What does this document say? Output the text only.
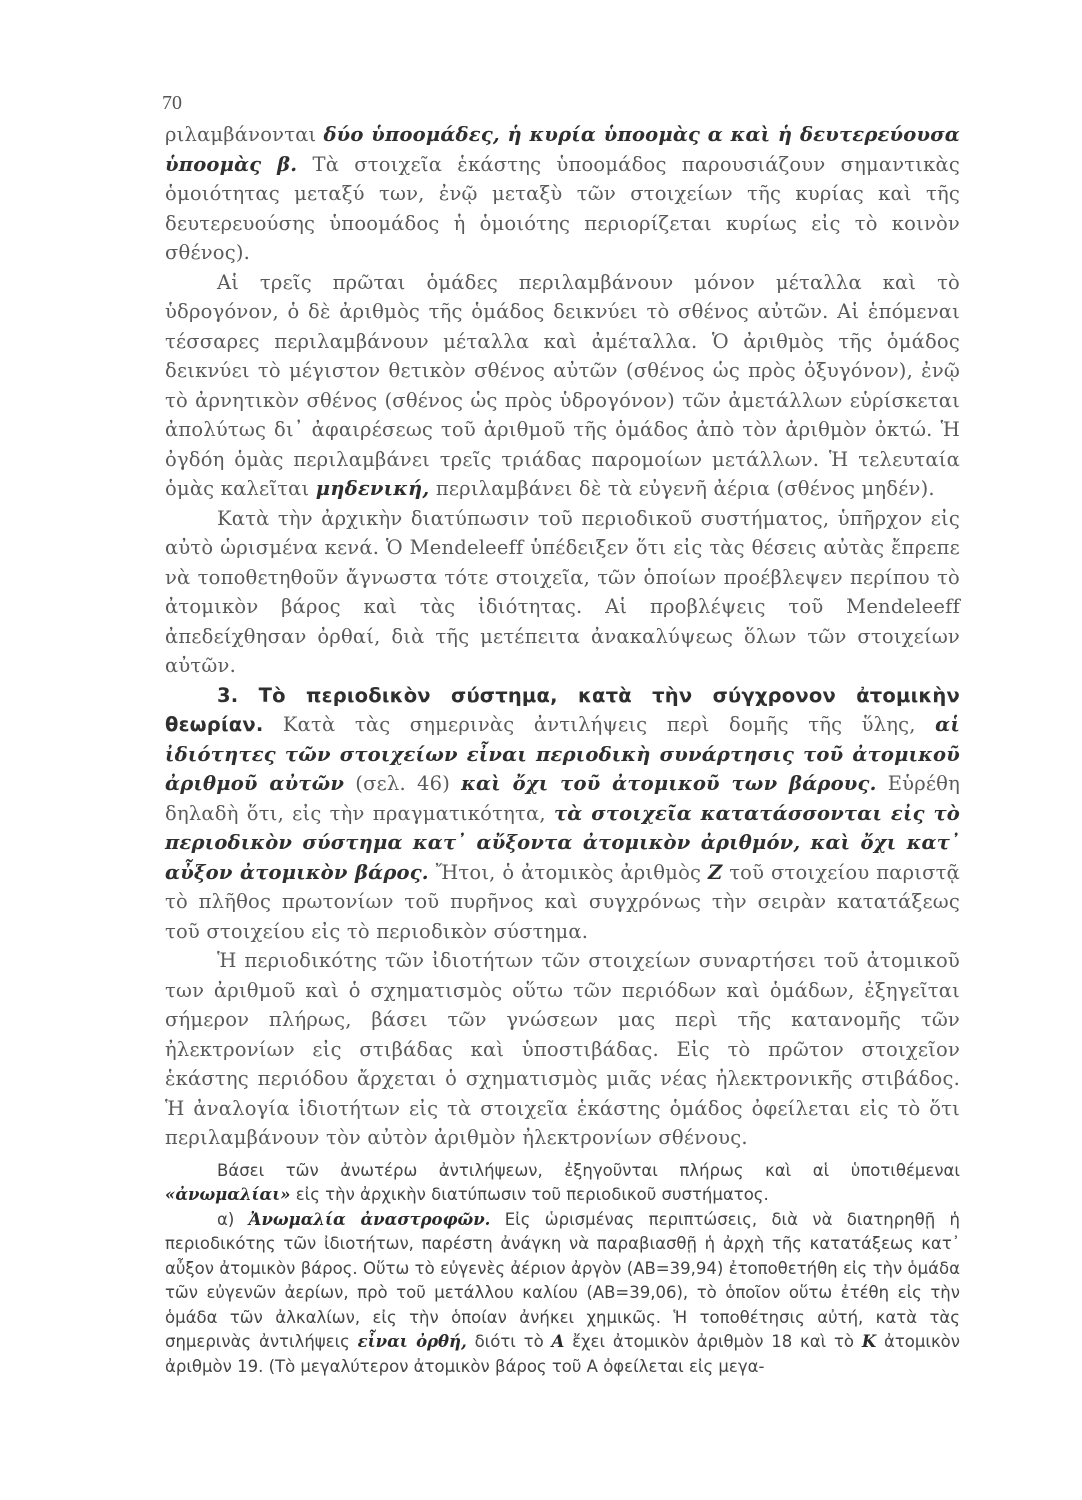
70

ριλαμβάνονται δύο ὑποομάδες, ἡ κυρία ὑποομὰς α καὶ ἡ δευτερεύουσα ὑποομὰς β. Τὰ στοιχεῖα ἑκάστης ὑποομάδος παρουσιάζουν σημαντικὰς ὁμοιότητας μεταξύ των, ἐνῷ μεταξὺ τῶν στοιχείων τῆς κυρίας καὶ τῆς δευτερευούσης ὑποομάδος ἡ ὁμοιότης περιορίζεται κυρίως εἰς τὸ κοινὸν σθένος).

Αἱ τρεῖς πρῶται ὁμάδες περιλαμβάνουν μόνον μέταλλα καὶ τὸ ὑδρογόνον, ὁ δὲ ἀριθμὸς τῆς ὁμάδος δεικνύει τὸ σθένος αὐτῶν. Αἱ ἑπόμεναι τέσσαρες περιλαμβάνουν μέταλλα καὶ ἀμέταλλα. Ὁ ἀριθμὸς τῆς ὁμάδος δεικνύει τὸ μέγιστον θετικὸν σθένος αὐτῶν (σθένος ὡς πρὸς ὀξυγόνον), ἐνῷ τὸ ἀρνητικὸν σθένος (σθένος ὡς πρὸς ὑδρογόνον) τῶν ἀμετάλλων εὑρίσκεται ἀπολύτως δι᾽ ἀφαιρέσεως τοῦ ἀριθμοῦ τῆς ὁμάδος ἀπὸ τὸν ἀριθμὸν ὀκτώ. Ἡ ὀγδόη ὁμὰς περιλαμβάνει τρεῖς τριάδας παρομοίων μετάλλων. Ἡ τελευταία ὁμὰς καλεῖται μηδενική, περιλαμβάνει δὲ τὰ εὐγενῆ ἀέρια (σθένος μηδέν).

Κατὰ τὴν ἀρχικὴν διατύπωσιν τοῦ περιοδικοῦ συστήματος, ὑπῆρχον εἰς αὐτὸ ὡρισμένα κενά. Ὁ Mendeleeff ὑπέδειξεν ὅτι εἰς τὰς θέσεις αὐτὰς ἔπρεπε νὰ τοποθετηθοῦν ἄγνωστα τότε στοιχεῖα, τῶν ὁποίων προέβλεψεν περίπου τὸ ἀτομικὸν βάρος καὶ τὰς ἰδιότητας. Αἱ προβλέψεις τοῦ Mendeleeff ἀπεδείχθησαν ὀρθαί, διὰ τῆς μετέπειτα ἀνακαλύψεως ὅλων τῶν στοιχείων αὐτῶν.

3. Τὸ περιοδικὸν σύστημα, κατὰ τὴν σύγχρονον ἀτομικὴν θεωρίαν. Κατὰ τὰς σημερινὰς ἀντιλήψεις περὶ δομῆς τῆς ὕλης, αἱ ἰδιότητες τῶν στοιχείων εἶναι περιοδικὴ συνάρτησις τοῦ ἀτομικοῦ ἀριθμοῦ αὐτῶν (σελ. 46) καὶ ὄχι τοῦ ἀτομικοῦ των βάρους. Εὑρέθη δηλαδὴ ὅτι, εἰς τὴν πραγματικότητα, τὰ στοιχεῖα κατατάσσονται εἰς τὸ περιοδικὸν σύστημα κατ᾽ αὔξοντα ἀτομικὸν ἀριθμόν, καὶ ὄχι κατ᾽ αὖξον ἀτομικὸν βάρος. Ἤτοι, ὁ ἀτομικὸς ἀριθμὸς Z τοῦ στοιχείου παριστᾷ τὸ πλῆθος πρωτονίων τοῦ πυρῆνος καὶ συγχρόνως τὴν σειρὰν κατατάξεως τοῦ στοιχείου εἰς τὸ περιοδικὸν σύστημα.

Ἡ περιοδικότης τῶν ἰδιοτήτων τῶν στοιχείων συναρτήσει τοῦ ἀτομικοῦ των ἀριθμοῦ καὶ ὁ σχηματισμὸς οὕτω τῶν περιόδων καὶ ὁμάδων, ἐξηγεῖται σήμερον πλήρως, βάσει τῶν γνώσεων μας περὶ τῆς κατανομῆς τῶν ἠλεκτρονίων εἰς στιβάδας καὶ ὑποστιβάδας. Εἰς τὸ πρῶτον στοιχεῖον ἑκάστης περιόδου ἄρχεται ὁ σχηματισμὸς μιᾶς νέας ἠλεκτρονικῆς στιβάδος. Ἡ ἀναλογία ἰδιοτήτων εἰς τὰ στοιχεῖα ἑκάστης ὁμάδος ὀφείλεται εἰς τὸ ὅτι περιλαμβάνουν τὸν αὐτὸν ἀριθμὸν ἠλεκτρονίων σθένους.

Βάσει τῶν ἀνωτέρω ἀντιλήψεων, ἐξηγοῦνται πλήρως καὶ αἱ ὑποτιθέμεναι «ἀνωμαλίαι» εἰς τὴν ἀρχικὴν διατύπωσιν τοῦ περιοδικοῦ συστήματος.

α) Ἀνωμαλία ἀναστροφῶν. Εἰς ὡρισμένας περιπτώσεις, διὰ νὰ διατηρηθῇ ἡ περιοδικότης τῶν ἰδιοτήτων, παρέστη ἀνάγκη νὰ παραβιασθῇ ἡ ἀρχὴ τῆς κατατάξεως κατ᾽ αὖξον ἀτομικὸν βάρος. Οὕτω τὸ εὐγενὲς ἀέριον ἀργὸν (ΑΒ=39,94) ἐτοποθετήθη εἰς τὴν ὁμάδα τῶν εὐγενῶν ἀερίων, πρὸ τοῦ μετάλλου καλίου (ΑΒ=39,06), τὸ ὁποῖον οὕτω ἐτέθη εἰς τὴν ὁμάδα τῶν ἀλκαλίων, εἰς τὴν ὁποίαν ἀνήκει χημικῶς. Ἡ τοποθέτησις αὐτή, κατὰ τὰς σημερινὰς ἀντιλήψεις εἶναι ὀρθή, διότι τὸ A ἔχει ἀτομικὸν ἀριθμὸν 18 καὶ τὸ K ἀτομικὸν ἀριθμὸν 19. (Τὸ μεγαλύτερον ἀτομικὸν βάρος τοῦ Α ὀφείλεται εἰς μεγα-
